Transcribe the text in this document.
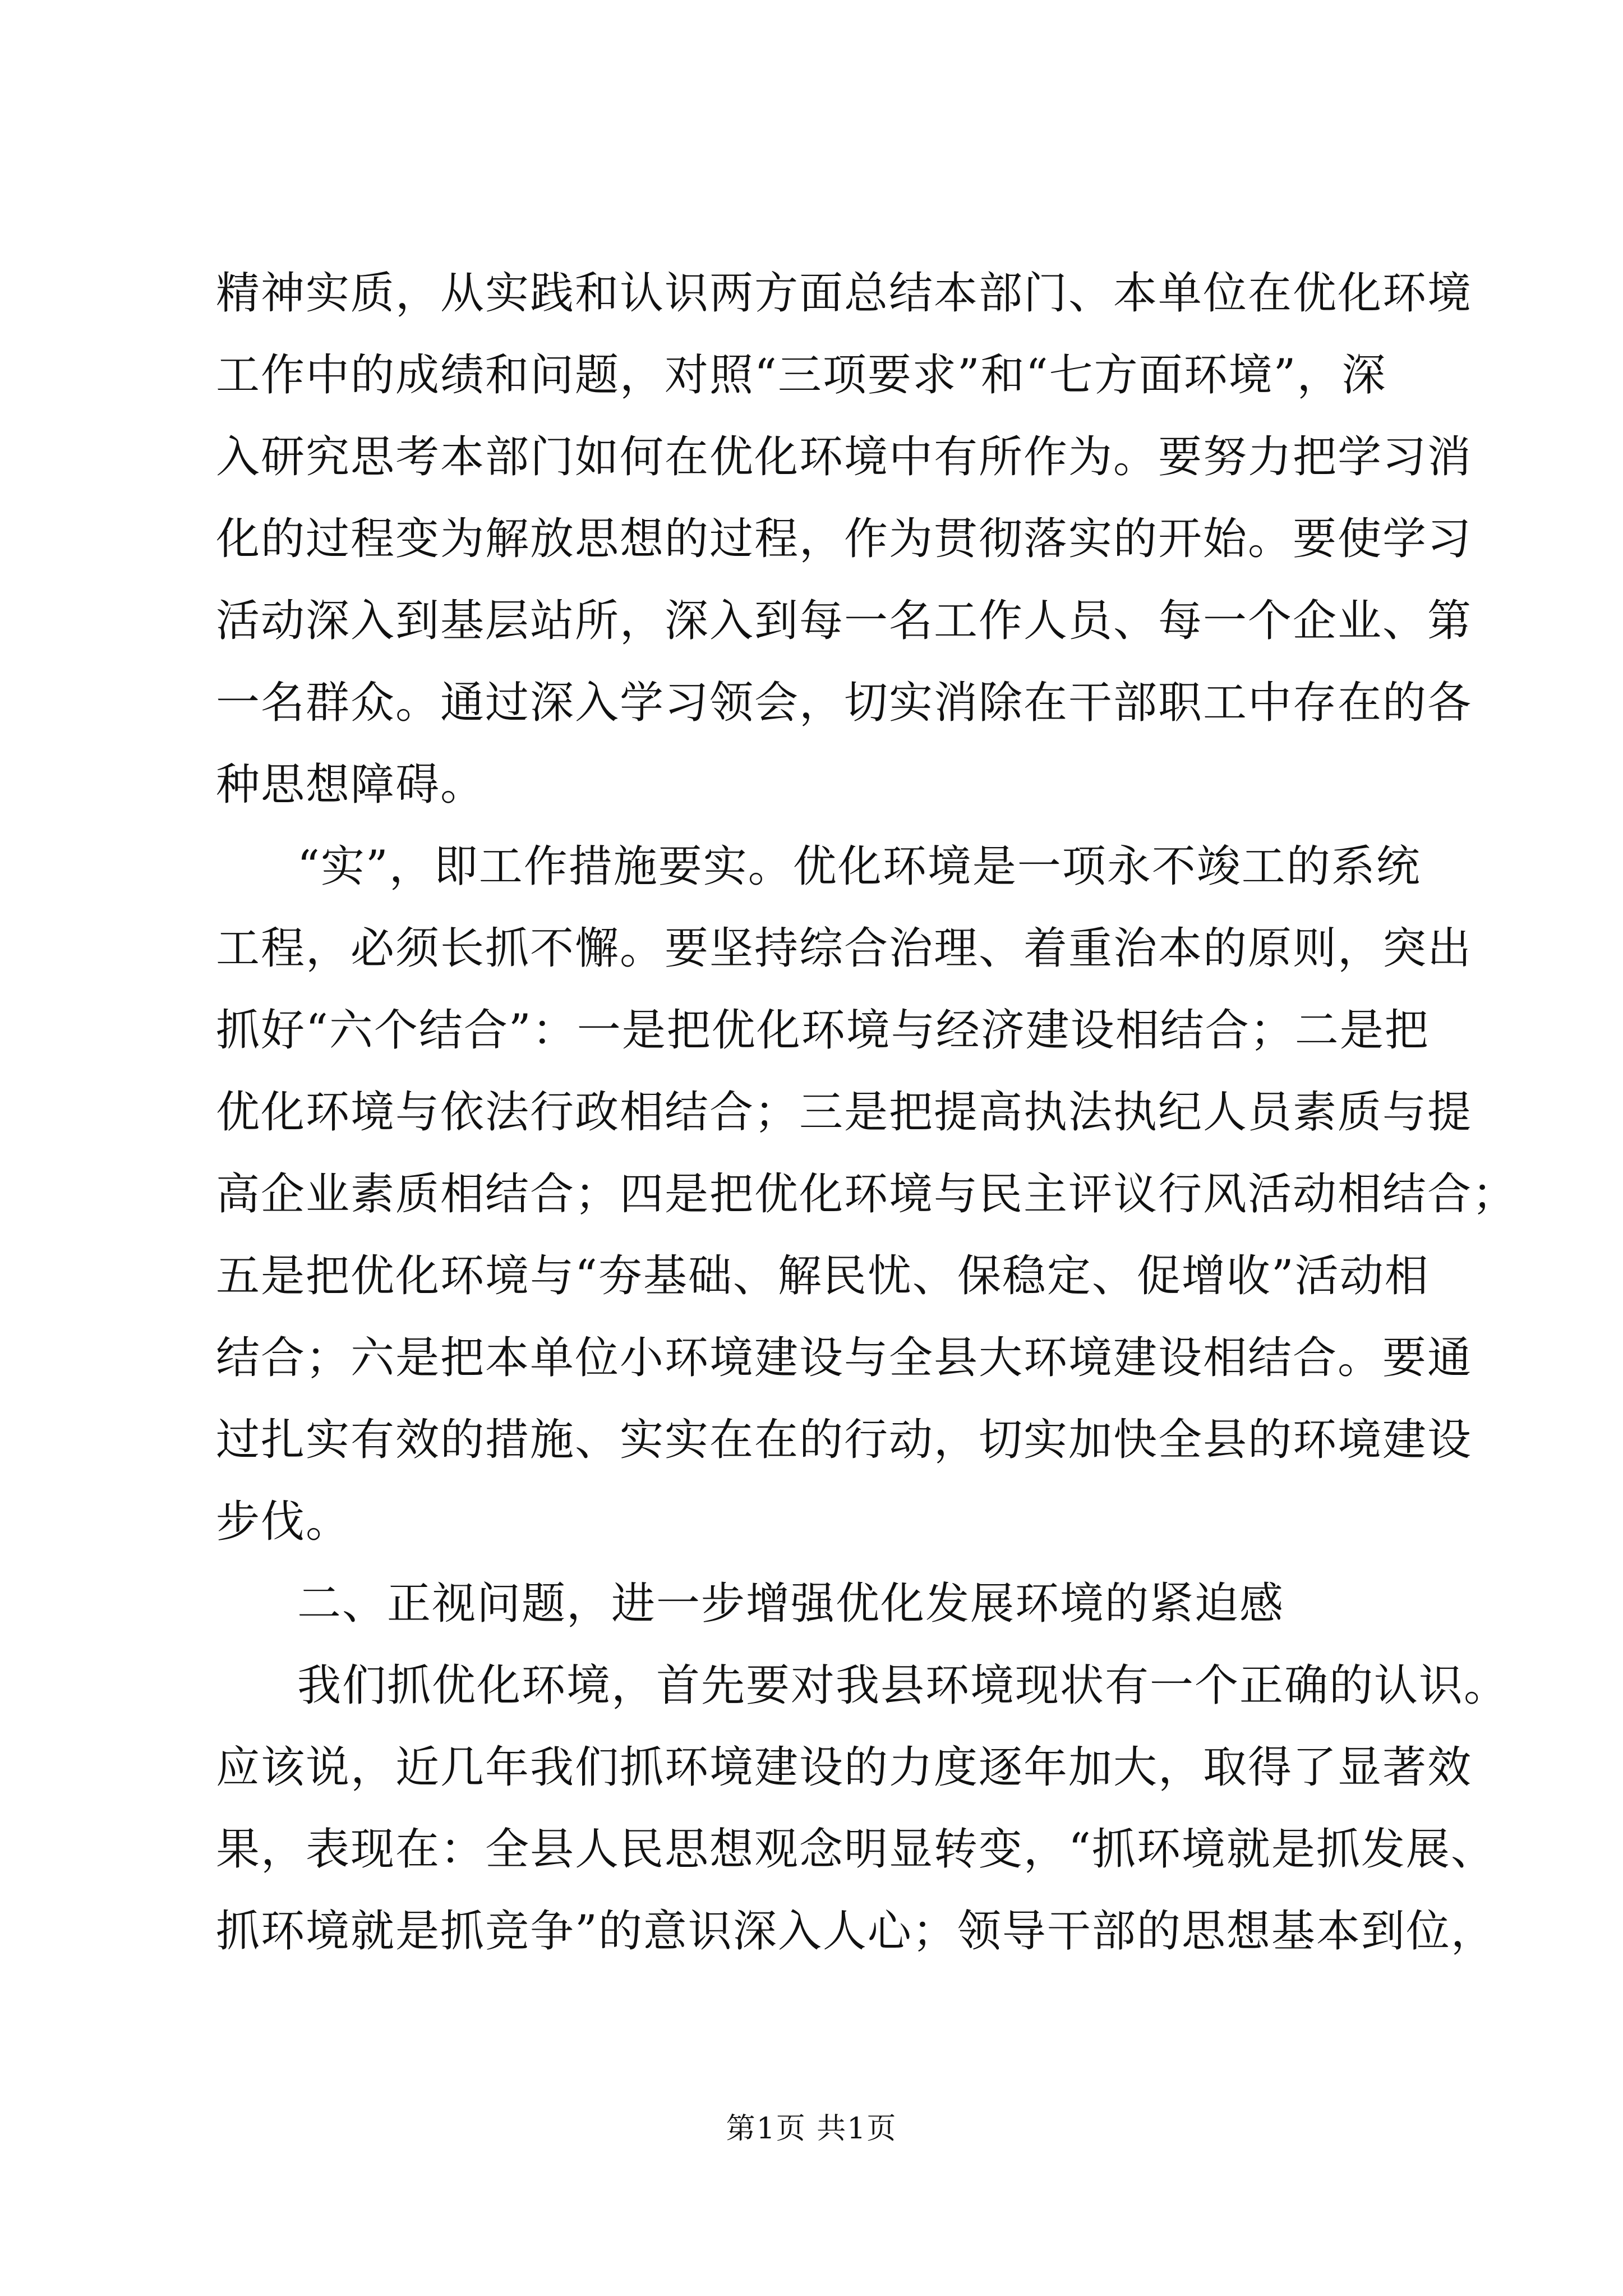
精神实质，从实践和认识两方面总结本部门、本单位在优化环境
工作中的成绩和问题，对照“三项要求”和“七方面环境”，深
入研究思考本部门如何在优化环境中有所作为。要努力把学习消
化的过程变为解放思想的过程，作为贯彻落实的开始。要使学习
活动深入到基层站所，深入到每一名工作人员、每一个企业、第
一名群众。通过深入学习领会，切实消除在干部职工中存在的各
种思想障碍。
“实”，即工作措施要实。优化环境是一项永不竣工的系统
工程，必须长抓不懈。要坚持综合治理、着重治本的原则，突出
抓好“六个结合”：一是把优化环境与经济建设相结合；二是把
优化环境与依法行政相结合；三是把提高执法执纪人员素质与提
高企业素质相结合；四是把优化环境与民主评议行风活动相结合；
五是把优化环境与“夯基础、解民忧、保稳定、促增收”活动相
结合；六是把本单位小环境建设与全县大环境建设相结合。要通
过扎实有效的措施、实实在在的行动，切实加快全县的环境建设
步伐。
二、正视问题，进一步增强优化发展环境的紧迫感
我们抓优化环境，首先要对我县环境现状有一个正确的认识。
应该说，近几年我们抓环境建设的力度逐年加大，取得了显著效
果，表现在：全县人民思想观念明显转变，“抓环境就是抓发展、
抓环境就是抓竞争”的意识深入人心；领导干部的思想基本到位，
第1页 共1页
